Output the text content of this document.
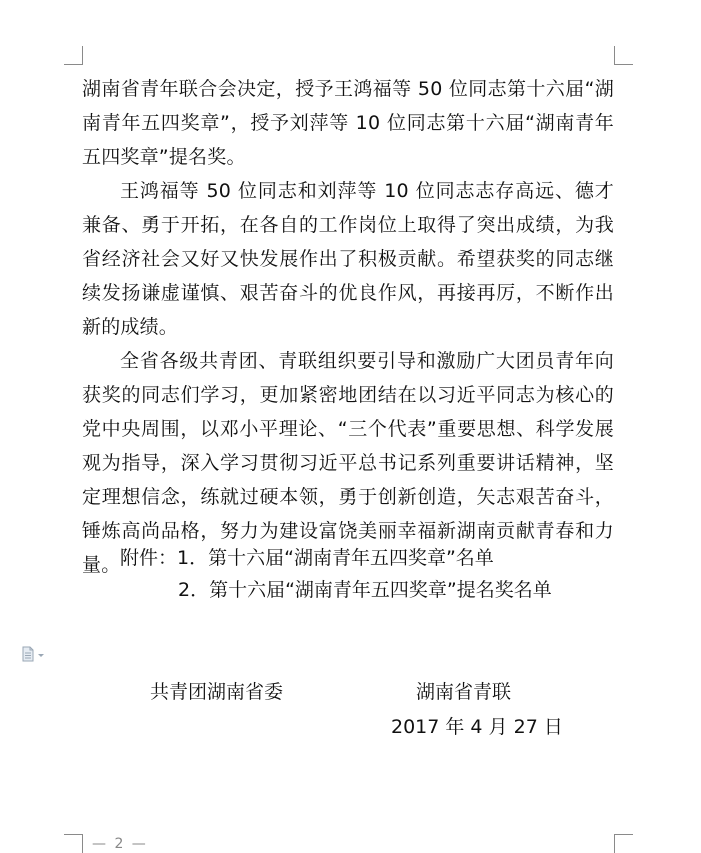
湖南省青年联合会决定，授予王鸿福等 50 位同志第十六届“湖南青年五四奖章”，授予刘萍等 10 位同志第十六届“湖南青年五四奖章”提名奖。

王鸿福等 50 位同志和刘萍等 10 位同志志存高远、德才兼备、勇于开拓，在各自的工作岗位上取得了突出成绩，为我省经济社会又好又快发展作出了积极贡献。希望获奖的同志继续发扬谦虚谨慎、艰苦奋斗的优良作风，再接再厉，不断作出新的成绩。

全省各级共青团、青联组织要引导和激励广大团员青年向获奖的同志们学习，更加紧密地团结在以习近平同志为核心的党中央周围，以邓小平理论、“三个代表”重要思想、科学发展观为指导，深入学习贯彻习近平总书记系列重要讲话精神，坚定理想信念，练就过硬本领，勇于创新创造，矢志艰苦奋斗，锤炼高尚品格，努力为建设富饶美丽幸福新湖南贡献青春和力量。 附件：1．第十六届“湖南青年五四奖章”名单
2．第十六届“湖南青年五四奖章”提名奖名单
共青团湖南省委	湖南省青联
2017 年 4 月 27 日
— 2 —
